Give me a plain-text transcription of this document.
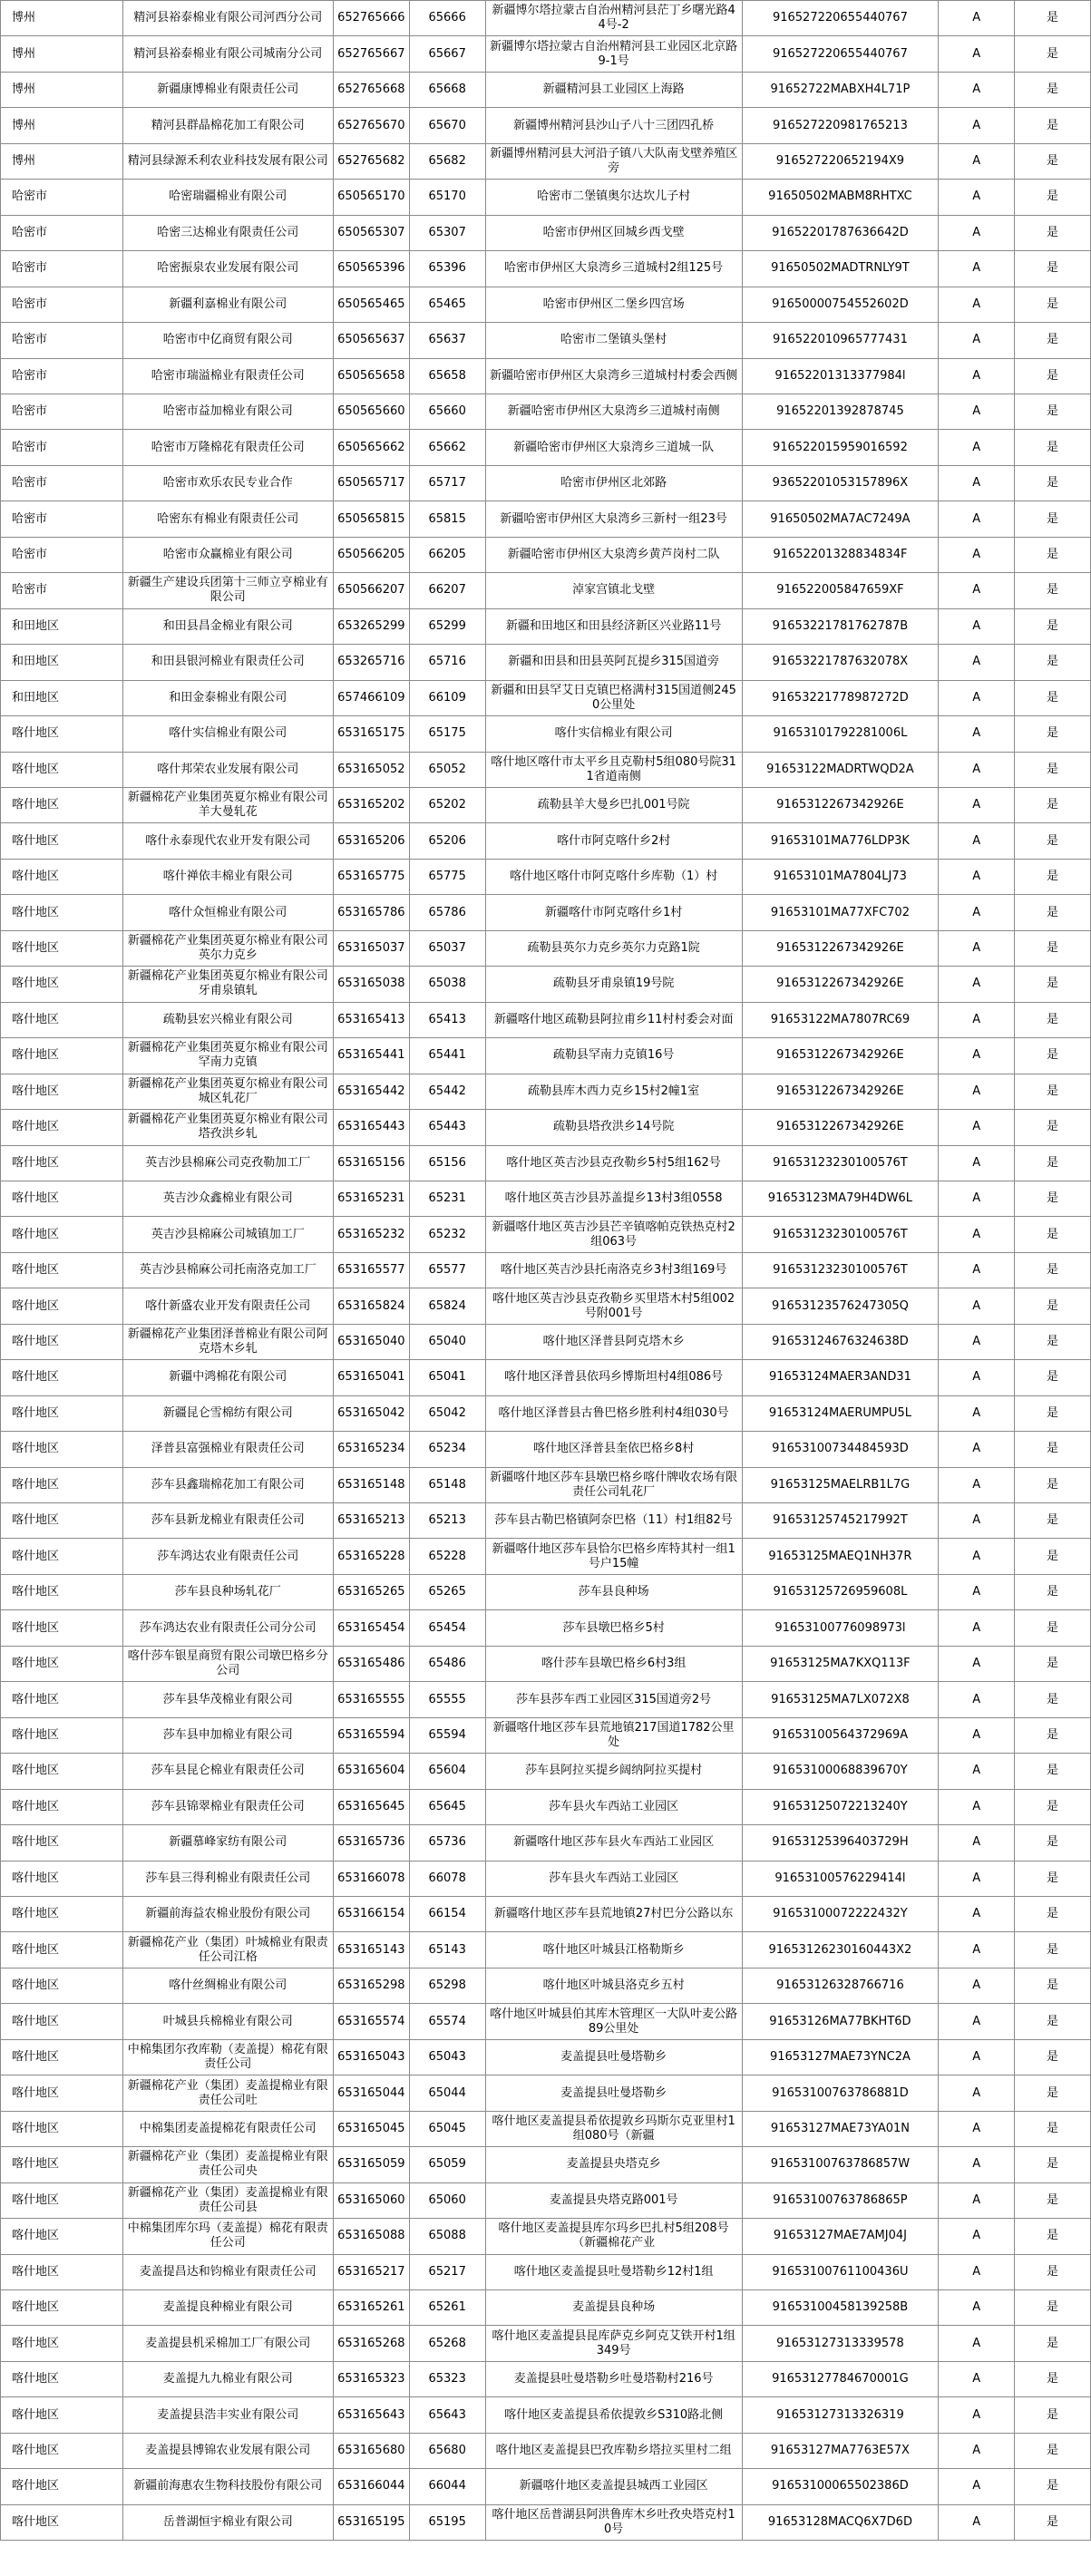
博州	精河县裕泰棉业有限公司河西分公司	652765666	65666	新疆博尔塔拉蒙古自治州精河县茫丁乡曙光路44号-2	916527220655440767	A	是
博州	精河县裕泰棉业有限公司城南分公司	652765667	65667	新疆博尔塔拉蒙古自治州精河县工业园区北京路9-1号	916527220655440767	A	是
博州	新疆康博棉业有限责任公司	652765668	65668	新疆精河县工业园区上海路	91652722MABXH4L71P	A	是
博州	精河县群晶棉花加工有限公司	652765670	65670	新疆博州精河县沙山子八十三团四孔桥	916527220981765213	A	是
博州	精河县绿源禾利农业科技发展有限公司	652765682	65682	新疆博州精河县大河沿子镇八大队南戈壁养殖区旁	916527220652194X9	A	是
哈密市	哈密瑞疆棉业有限公司	650565170	65170	哈密市二堡镇奥尔达坎儿子村	91650502MABM8RHTXC	A	是
哈密市	哈密三达棉业有限责任公司	650565307	65307	哈密市伊州区回城乡西戈壁	91652201787636642D	A	是
哈密市	哈密振泉农业发展有限公司	650565396	65396	哈密市伊州区大泉湾乡三道城村2组125号	91650502MADTRNLY9T	A	是
哈密市	新疆利嘉棉业有限公司	650565465	65465	哈密市伊州区二堡乡四宫场	91650000754552602D	A	是
哈密市	哈密市中亿商贸有限公司	650565637	65637	哈密市二堡镇头堡村	916522010965777431	A	是
哈密市	哈密市瑞溢棉业有限责任公司	650565658	65658	新疆哈密市伊州区大泉湾乡三道城村村委会西侧	91652201313377984l	A	是
哈密市	哈密市益加棉业有限公司	650565660	65660	新疆哈密市伊州区大泉湾乡三道城村南侧	91652201392878745	A	是
哈密市	哈密市万隆棉花有限责任公司	650565662	65662	新疆哈密市伊州区大泉湾乡三道城一队	916522015959016592	A	是
哈密市	哈密市欢乐农民专业合作	650565717	65717	哈密市伊州区北郊路	93652201053157896X	A	是
哈密市	哈密东有棉业有限责任公司	650565815	65815	新疆哈密市伊州区大泉湾乡三新村一组23号	91650502MA7AC7249A	A	是
哈密市	哈密市众赢棉业有限公司	650566205	66205	新疆哈密市伊州区大泉湾乡黄芦岗村二队	91652201328834834F	A	是
哈密市	新疆生产建设兵团第十三师立亨棉业有限公司	650566207	66207	淖家宫镇北戈壁	916522005847659XF	A	是
和田地区	和田县昌金棉业有限公司	653265299	65299	新疆和田地区和田县经济新区兴业路11号	91653221781762787B	A	是
和田地区	和田县银河棉业有限责任公司	653265716	65716	新疆和田县和田县英阿瓦提乡315国道旁	91653221787632078X	A	是
和田地区	和田金泰棉业有限公司	657466109	66109	新疆和田县罕艾日克镇巴格满村315国道侧2450公里处	91653221778987272D	A	是
喀什地区	喀什实信棉业有限公司	653165175	65175	喀什实信棉业有限公司	91653101792281006L	A	是
喀什地区	喀什邦荣农业发展有限公司	653165052	65052	喀什地区喀什市太平乡且克勒村5组080号院311省道南侧	91653122MADRTWQD2A	A	是
喀什地区	新疆棉花产业集团英夏尔棉业有限公司羊大曼轧花	653165202	65202	疏勒县羊大曼乡巴扎001号院	9165312267342926E	A	是
喀什地区	喀什永泰现代农业开发有限公司	653165206	65206	喀什市阿克喀什乡2村	91653101MA776LDP3K	A	是
喀什地区	喀什禅依丰棉业有限公司	653165775	65775	喀什地区喀什市阿克喀什乡库勒（1）村	91653101MA7804LJ73	A	是
喀什地区	喀什众恒棉业有限公司	653165786	65786	新疆喀什市阿克喀什乡1村	91653101MA77XFC702	A	是
喀什地区	新疆棉花产业集团英夏尔棉业有限公司英尔力克乡	653165037	65037	疏勒县英尔力克乡英尔力克路1院	9165312267342926E	A	是
喀什地区	新疆棉花产业集团英夏尔棉业有限公司牙甫泉镇轧	653165038	65038	疏勒县牙甫泉镇19号院	9165312267342926E	A	是
喀什地区	疏勒县宏兴棉业有限公司	653165413	65413	新疆喀什地区疏勒县阿拉甫乡11村村委会对面	91653122MA7807RC69	A	是
喀什地区	新疆棉花产业集团英夏尔棉业有限公司罕南力克镇	653165441	65441	疏勒县罕南力克镇16号	9165312267342926E	A	是
喀什地区	新疆棉花产业集团英夏尔棉业有限公司城区轧花厂	653165442	65442	疏勒县库木西力克乡15村2幢1室	9165312267342926E	A	是
喀什地区	新疆棉花产业集团英夏尔棉业有限公司塔孜洪乡轧	653165443	65443	疏勒县塔孜洪乡14号院	9165312267342926E	A	是
喀什地区	英吉沙县棉麻公司克孜勒加工厂	653165156	65156	喀什地区英吉沙县克孜勒乡5村5组162号	91653123230100576T	A	是
喀什地区	英吉沙众鑫棉业有限公司	653165231	65231	喀什地区英吉沙县苏盖提乡13村3组0558	91653123MA79H4DW6L	A	是
喀什地区	英吉沙县棉麻公司城镇加工厂	653165232	65232	新疆喀什地区英吉沙县芒辛镇喀帕克铁热克村2组063号	91653123230100576T	A	是
喀什地区	英吉沙县棉麻公司托南洛克加工厂	653165577	65577	喀什地区英吉沙县托南洛克乡3村3组169号	91653123230100576T	A	是
喀什地区	喀什新盛农业开发有限责任公司	653165824	65824	喀什地区英吉沙县克孜勒乡买里塔木村5组002号附001号	91653123576247305Q	A	是
喀什地区	新疆棉花产业集团泽普棉业有限公司阿克塔木乡轧	653165040	65040	喀什地区泽普县阿克塔木乡	91653124676324638D	A	是
喀什地区	新疆中鸿棉花有限公司	653165041	65041	喀什地区泽普县依玛乡博斯坦村4组086号	91653124MAER3AND31	A	是
喀什地区	新疆昆仑雪棉纺有限公司	653165042	65042	喀什地区泽普县古鲁巴格乡胜利村4组030号	91653124MAERUMPU5L	A	是
喀什地区	泽普县富强棉业有限责任公司	653165234	65234	喀什地区泽普县奎依巴格乡8村	91653100734484593D	A	是
喀什地区	莎车县鑫瑞棉花加工有限公司	653165148	65148	新疆喀什地区莎车县墩巴格乡喀什牌收农场有限责任公司轧花厂	91653125MAELRB1L7G	A	是
喀什地区	莎车县新龙棉业有限责任公司	653165213	65213	莎车县古勒巴格镇阿奈巴格（11）村1组82号	91653125745217992T	A	是
喀什地区	莎车鸿达农业有限责任公司	653165228	65228	新疆喀什地区莎车县恰尔巴格乡库特其村一组1号户15幢	91653125MAEQ1NH37R	A	是
喀什地区	莎车县良种场轧花厂	653165265	65265	莎车县良种场	91653125726959608L	A	是
喀什地区	莎车鸿达农业有限责任公司分公司	653165454	65454	莎车县墩巴格乡5村	91653100776098973l	A	是
喀什地区	喀什莎车银星商贸有限公司墩巴格乡分公司	653165486	65486	喀什莎车县墩巴格乡6村3组	91653125MA7KXQ113F	A	是
喀什地区	莎车县华茂棉业有限公司	653165555	65555	莎车县莎车西工业园区315国道旁2号	91653125MA7LX072X8	A	是
喀什地区	莎车县申加棉业有限公司	653165594	65594	新疆喀什地区莎车县荒地镇217国道1782公里处	91653100564372969A	A	是
喀什地区	莎车县昆仑棉业有限责任公司	653165604	65604	莎车县阿拉买提乡阔纳阿拉买提村	91653100068839670Y	A	是
喀什地区	莎车县锦翠棉业有限责任公司	653165645	65645	莎车县火车西站工业园区	91653125072213240Y	A	是
喀什地区	新疆慕峰家纺有限公司	653165736	65736	新疆喀什地区莎车县火车西站工业园区	91653125396403729H	A	是
喀什地区	莎车县三得利棉业有限责任公司	653166078	66078	莎车县火车西站工业园区	91653100576229414l	A	是
喀什地区	新疆前海益农棉业股份有限公司	653166154	66154	新疆喀什地区莎车县荒地镇27村巴分公路以东	91653100072222432Y	A	是
喀什地区	新疆棉花产业（集团）叶城棉业有限责任公司江格	653165143	65143	喀什地区叶城县江格勒斯乡	91653126230160443X2	A	是
喀什地区	喀什丝绸棉业有限公司	653165298	65298	喀什地区叶城县洛克乡五村	91653126328766716	A	是
喀什地区	叶城县兵棉棉业有限公司	653165574	65574	喀什地区叶城县伯其库木管理区一大队叶麦公路89公里处	91653126MA77BKHT6D	A	是
喀什地区	中棉集团尔孜库勒（麦盖提）棉花有限责任公司	653165043	65043	麦盖提县吐曼塔勒乡	91653127MAE73YNC2A	A	是
喀什地区	新疆棉花产业（集团）麦盖提棉业有限责任公司吐	653165044	65044	麦盖提县吐曼塔勒乡	91653100763786881D	A	是
喀什地区	中棉集团麦盖提棉花有限责任公司	653165045	65045	喀什地区麦盖提县希依提敦乡玛斯尔克亚里村1组080号（新疆	91653127MAE73YA01N	A	是
喀什地区	新疆棉花产业（集团）麦盖提棉业有限责任公司央	653165059	65059	麦盖提县央塔克乡	91653100763786857W	A	是
喀什地区	新疆棉花产业（集团）麦盖提棉业有限责任公司县	653165060	65060	麦盖提县央塔克路001号	91653100763786865P	A	是
喀什地区	中棉集团库尔玛（麦盖提）棉花有限责任公司	653165088	65088	喀什地区麦盖提县库尔玛乡巴扎村5组208号（新疆棉花产业	91653127MAE7AMJ04J	A	是
喀什地区	麦盖提昌达和钧棉业有限责任公司	653165217	65217	喀什地区麦盖提县吐曼塔勒乡12村1组	91653100761100436U	A	是
喀什地区	麦盖提良种棉业有限公司	653165261	65261	麦盖提县良种场	91653100458139258B	A	是
喀什地区	麦盖提县机采棉加工厂有限公司	653165268	65268	喀什地区麦盖提县昆库萨克乡阿克艾铁开村1组349号	91653127313339578	A	是
喀什地区	麦盖提九九棉业有限公司	653165323	65323	麦盖提县吐曼塔勒乡吐曼塔勒村216号	91653127784670001G	A	是
喀什地区	麦盖提县浩丰实业有限公司	653165643	65643	喀什地区麦盖提县希依提敦乡S310路北侧	91653127313326319	A	是
喀什地区	麦盖提县博锦农业发展有限公司	653165680	65680	喀什地区麦盖提县巴孜库勒乡塔拉买里村二组	91653127MA7763E57X	A	是
喀什地区	新疆前海惠农生物科技股份有限公司	653166044	66044	新疆喀什地区麦盖提县城西工业园区	91653100065502386D	A	是
喀什地区	岳普湖恒宇棉业有限公司	653165195	65195	喀什地区岳普湖县阿洪鲁库木乡吐孜央塔克村10号	91653128MACQ6X7D6D	A	是
